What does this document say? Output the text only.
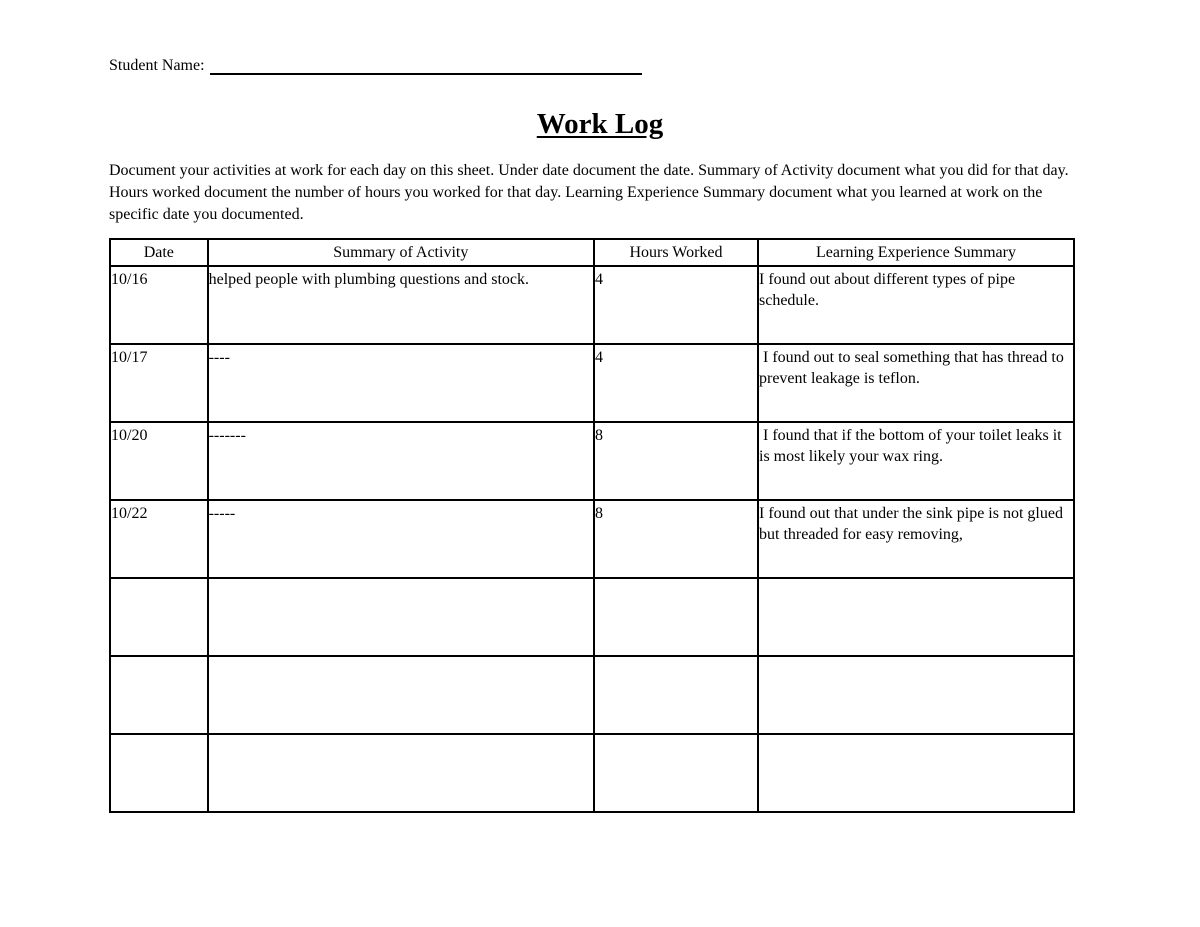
Student Name:
Work Log
Document your activities at work for each day on this sheet. Under date document the date. Summary of Activity document what you did for that day. Hours worked document the number of hours you worked for that day. Learning Experience Summary document what you learned at work on the specific date you documented.
Date	Summary of Activity	Hours Worked	Learning Experience Summary
10/16	helped people with plumbing questions and stock.	4	I found out about different types of pipe schedule.
10/17	----	4	I found out to seal something that has thread to prevent leakage is teflon.
10/20	-------	8	I found that if the bottom of your toilet leaks it is most likely your wax ring.
10/22	-----	8	I found out that under the sink pipe is not glued but threaded for easy removing,
